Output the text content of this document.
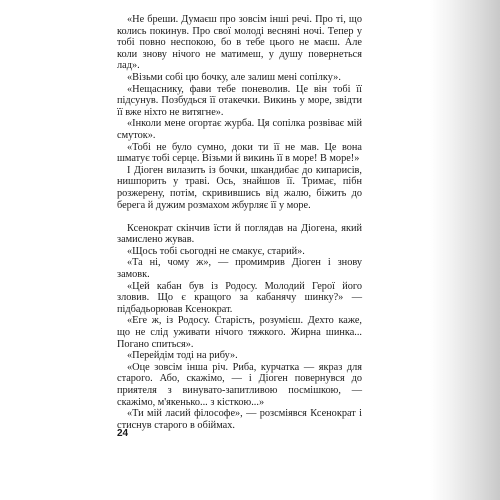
«Не бреши. Думаєш про зовсім інші речі. Про ті, що колись покинув. Про свої молоді весняні ночі. Тепер у тобі повно неспокою, бо в тебе цього не маєш. Але коли знову нічого не матимеш, у душу повернеться лад».

«Візьми собі цю бочку, але залиш мені сопілку».

«Нещаснику, фави тебе поневолив. Це він тобі її підсунув. Позбудься її отакечки. Викинь у море, звідти її вже ніхто не витягне».

«Інколи мене огортає журба. Ця сопілка розвіває мій смуток».

«Тобі не було сумно, доки ти її не мав. Це вона шматує тобі серце. Візьми й викинь її в море! В море!»

І Діоген вилазить із бочки, шкандибає до кипарисів, нишпорить у траві. Ось, знайшов її. Тримає, пібн розжерену, потім, скривившись від жалю, біжить до берега й дужим розмахом жбурляє її у море.

Ксенократ скінчив їсти й поглядав на Діогена, який замислено жував.

«Щось тобі сьогодні не смакує, старий».

«Та ні, чому ж», — промимрив Діоген і знову замовк.

«Цей кабан був із Родосу. Молодий Герої його зловив. Що є кращого за кабанячу шинку?» — підбадьорював Ксенократ.

«Еге ж, із Родосу. Старість, розумієш. Дехто каже, що не слід уживати нічого тяжкого. Жирна шинка... Погано спиться».

«Перейдім тоді на рибу».

«Оце зовсім інша річ. Риба, курчатка — якраз для старого. Або, скажімо, — і Діоген повернувся до приятеля з винувато-запитливою посмішкою, — скажімо, м'якенько... з кісткою...»

«Ти мій ласий філософе», — розсміявся Ксенократ і стиснув старого в обіймах.

24
